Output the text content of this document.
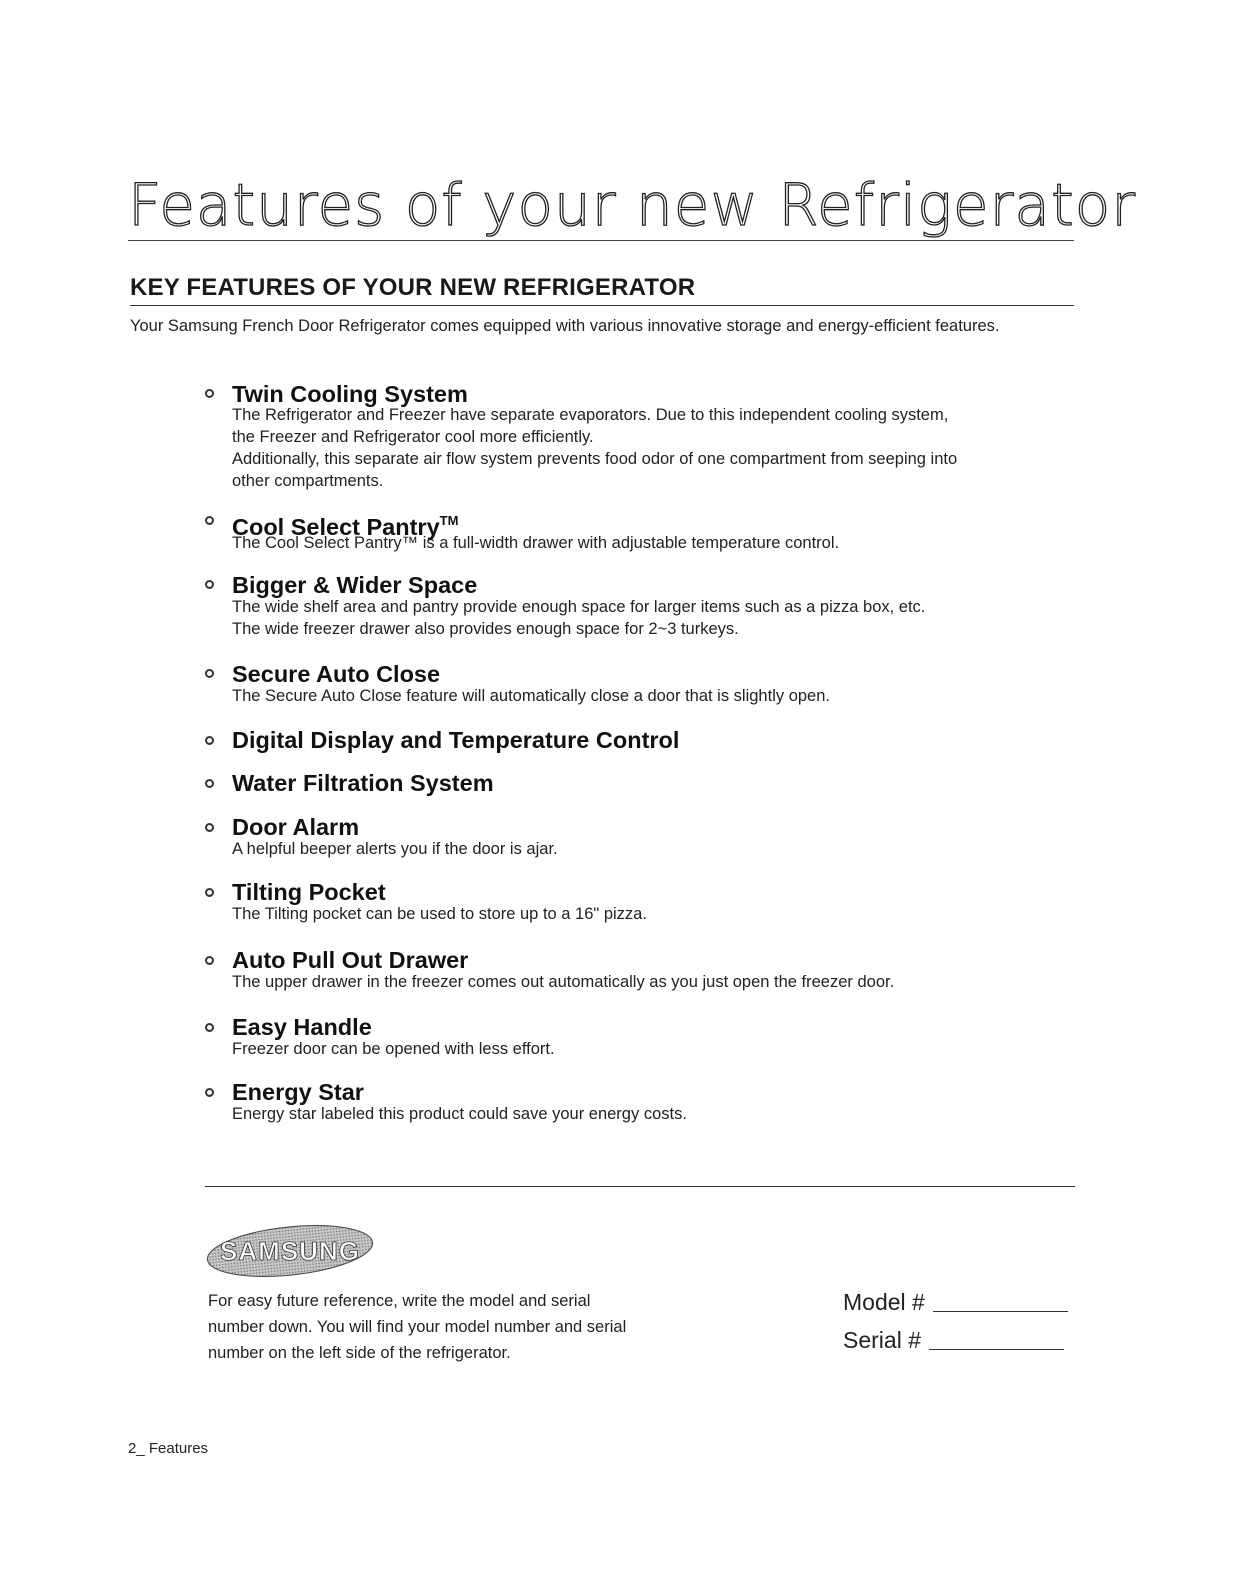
Features of your new Refrigerator
KEY FEATURES OF YOUR NEW REFRIGERATOR
Your Samsung French Door Refrigerator comes equipped with various innovative storage and energy-efficient features.
Twin Cooling System
The Refrigerator and Freezer have separate evaporators. Due to this independent cooling system,
the Freezer and Refrigerator cool more efficiently.
Additionally, this separate air flow system prevents food odor of one compartment from seeping into
other compartments.
Cool Select Pantry™
The Cool Select Pantry™ is a full-width drawer with adjustable temperature control.
Bigger & Wider Space
The wide shelf area and pantry provide enough space for larger items such as a pizza box, etc.
The wide freezer drawer also provides enough space for 2~3 turkeys.
Secure Auto Close
The Secure Auto Close feature will automatically close a door that is slightly open.
Digital Display and Temperature Control
Water Filtration System
Door Alarm
A helpful beeper alerts you if the door is ajar.
Tilting Pocket
The Tilting pocket can be used to store up to a 16" pizza.
Auto Pull Out Drawer
The upper drawer in the freezer comes out automatically as you just open the freezer door.
Easy Handle
Freezer door can be opened with less effort.
Energy Star
Energy star labeled this product could save your energy costs.
SAMSUNG
For easy future reference, write the model and serial number down. You will find your model number and serial number on the left side of the refrigerator.
Model #
Serial #
2_ Features
